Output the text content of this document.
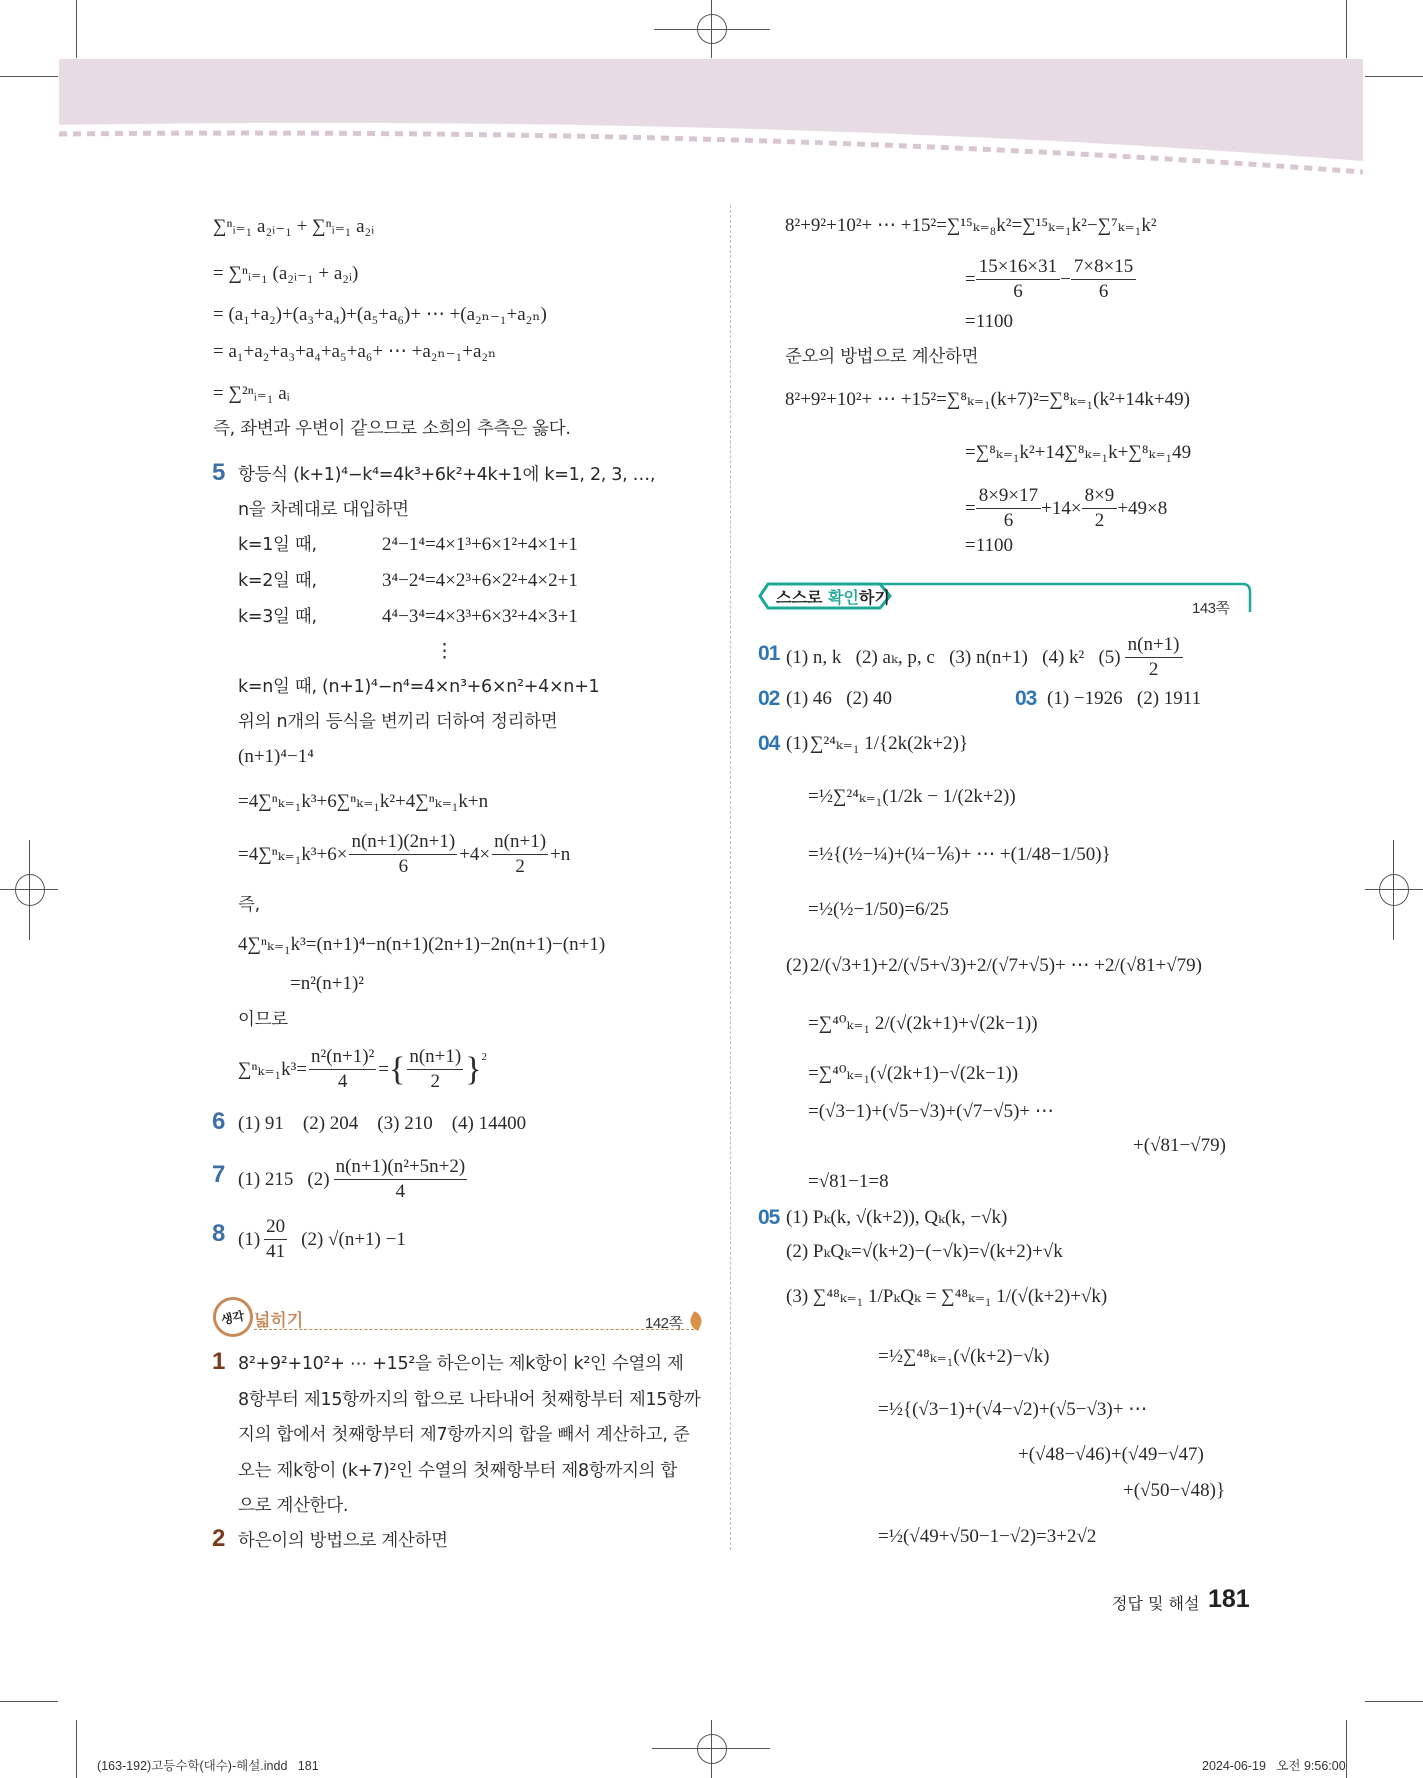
∑ⁿᵢ₌₁ a₂ᵢ₋₁ + ∑ⁿᵢ₌₁ a₂ᵢ
= ∑ⁿᵢ₌₁ (a₂ᵢ₋₁ + a₂ᵢ)
= (a₁+a₂)+(a₃+a₄)+(a₅+a₆)+ ⋯ +(a₂ₙ₋₁+a₂ₙ)
= a₁+a₂+a₃+a₄+a₅+a₆+ ⋯ +a₂ₙ₋₁+a₂ₙ
= ∑²ⁿᵢ₌₁ aᵢ
즉, 좌변과 우변이 같으므로 소희의 추측은 옳다.
5 항등식 (k+1)⁴−k⁴=4k³+6k²+4k+1에 k=1, 2, 3, …,
n을 차례대로 대입하면
k=1일 때,	2⁴−1⁴=4×1³+6×1²+4×1+1
k=2일 때,	3⁴−2⁴=4×2³+6×2²+4×2+1
k=3일 때,	4⁴−3⁴=4×3³+6×3²+4×3+1
⋮
k=n일 때, (n+1)⁴−n⁴=4×n³+6×n²+4×n+1
위의 n개의 등식을 변끼리 더하여 정리하면
(n+1)⁴−1⁴
=4∑ⁿₖ₌₁k³+6∑ⁿₖ₌₁k²+4∑ⁿₖ₌₁k+n
$=4\sum^n_{k=1}k^3+6\times \frac{n(n+1)(2n+1)}{6} +4\times \frac{n(n+1)}{2} +n$
즉,
4∑ⁿₖ₌₁k³=(n+1)⁴−n(n+1)(2n+1)−2n(n+1)−(n+1)
=n²(n+1)²
이므로
$\sum^n_{k=1}k^3= \frac{\text{n²(n+1)²}}{4}$ = { $\frac{n(n+1)}{2} \}^2$
6 (1) 91    (2) 204    (3) 210    (4) 14400
7 (1) 215 $(2) \frac{\text{n(n+1)(n²+5n+2)}}{4}$
8 $(1) \frac{20}{41} (2)$ √(n+1) −1
생각 넓히기	142쪽
1 8²+9²+10²+ ⋯ +15²을 하은이는 제k항이 k²인 수열의 제
8항부터 제15항까지의 합으로 나타내어 첫째항부터 제15항까
지의 합에서 첫째항부터 제7항까지의 합을 빼서 계산하고, 준
오는 제k항이 (k+7)²인 수열의 첫째항부터 제8항까지의 합
으로 계산한다.
2 하은이의 방법으로 계산하면
8²+9²+10²+ ⋯ +15²=∑¹⁵ₖ₌₈k²=∑¹⁵ₖ₌₁k²−∑⁷ₖ₌₁k²
= $\frac{15\times 16\times 31}{6} - \frac{7\times 8\times 15}{6}$
=1100
준오의 방법으로 계산하면
8²+9²+10²+ ⋯ +15²=∑⁸ₖ₌₁(k+7)²=∑⁸ₖ₌₁(k²+14k+49)
=∑⁸ₖ₌₁k²+14∑⁸ₖ₌₁k+∑⁸ₖ₌₁49
= $\frac{8\times 9\times 17}{6} +14\times \frac{8\times 9}{2} +49\times 8$
=1100
스스로 확인하기
143쪽
01 (1) n, k   (2) aₖ, p, c   (3) n(n+1)   (4) k²   $(5) \frac{n(n+1)}{2}$
02 (1) 46   (2) 40	03 (1) −1926   (2) 1911
04 (1) ∑²⁴ₖ₌₁ 1/{2k(2k+2)}
=½∑²⁴ₖ₌₁(1/2k − 1/(2k+2))
=½{(½−¼)+(¼−⅙)+ ⋯ +(1/48−1/50)}
=½(½−1/50)=6/25
(2) 2/(√3+1)+2/(√5+√3)+2/(√7+√5)+ ⋯ +2/(√81+√79)
=∑⁴⁰ₖ₌₁ 2/(√(2k+1)+√(2k−1))
=∑⁴⁰ₖ₌₁(√(2k+1)−√(2k−1))
=(√3−1)+(√5−√3)+(√7−√5)+ ⋯
+(√81−√79)
=√81−1=8
05 (1) Pₖ(k, √(k+2)), Qₖ(k, −√k)
(2) PₖQₖ=√(k+2)−(−√k)=√(k+2)+√k
(3) ∑⁴⁸ₖ₌₁ 1/PₖQₖ = ∑⁴⁸ₖ₌₁ 1/(√(k+2)+√k)
=½∑⁴⁸ₖ₌₁(√(k+2)−√k)
=½{(√3−1)+(√4−√2)+(√5−√3)+ ⋯
+(√48−√46)+(√49−√47)
+(√50−√48)}
=½(√49+√50−1−√2)=3+2√2
정답 및 해설 181
(163-192)고등수학(대수)-해설.indd   181	2024-06-19   오전 9:56:00
